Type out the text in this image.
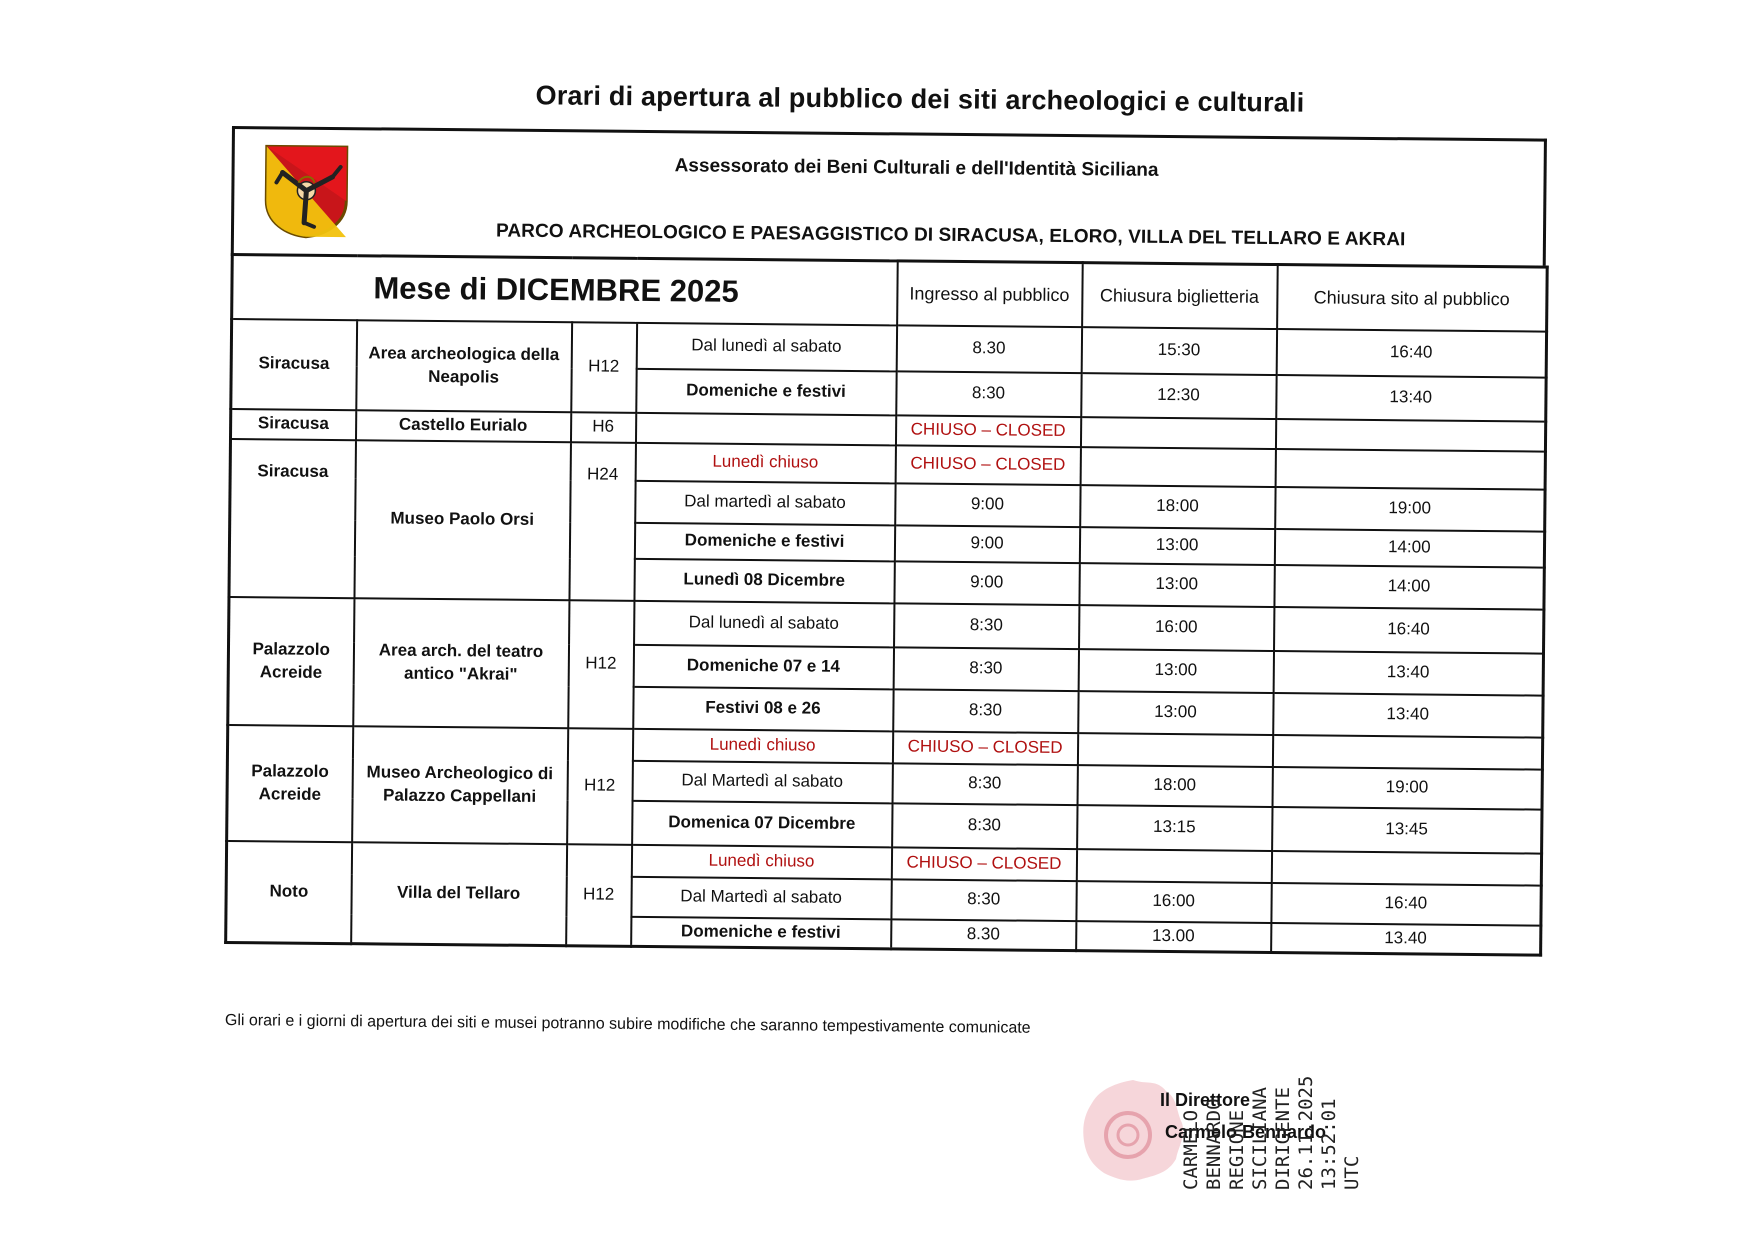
Orari di apertura al pubblico dei siti archeologici e culturali
Assessorato dei Beni Culturali e dell'Identità Siciliana
PARCO ARCHEOLOGICO E PAESAGGISTICO DI SIRACUSA, ELORO, VILLA DEL TELLARO E AKRAI
Mese di DICEMBRE 2025				Ingresso al pubblico	Chiusura biglietteria	Chiusura sito al pubblico
Siracusa	Area archeologica della Neapolis	H12	Dal lunedì al sabato	8.30	15:30	16:40
			Domeniche e festivi	8:30	12:30	13:40
Siracusa	Castello Eurialo	H6		CHIUSO – CLOSED		
Siracusa	Museo Paolo Orsi	H24	Lunedì chiuso	CHIUSO – CLOSED		
			Dal martedì al sabato	9:00	18:00	19:00
			Domeniche e festivi	9:00	13:00	14:00
			Lunedì 08 Dicembre	9:00	13:00	14:00
Palazzolo Acreide	Area arch. del teatro antico "Akrai"	H12	Dal lunedì al sabato	8:30	16:00	16:40
			Domeniche 07 e 14	8:30	13:00	13:40
			Festivi 08 e 26	8:30	13:00	13:40
Palazzolo Acreide	Museo Archeologico di Palazzo Cappellani	H12	Lunedì chiuso	CHIUSO – CLOSED		
			Dal Martedì al sabato	8:30	18:00	19:00
			Domenica 07 Dicembre	8:30	13:15	13:45
Noto	Villa del Tellaro	H12	Lunedì chiuso	CHIUSO – CLOSED		
			Dal Martedì al sabato	8:30	16:00	16:40
			Domeniche e festivi	8.30	13.00	13.40
Gli orari e i giorni di apertura dei siti e musei potranno subire modifiche che saranno tempestivamente comunicate
Il Direttore
Carmelo Bennardo
CARMELO BENNARDO REGIONE SICILIANA DIRIGENTE 26.11.2025 13:52:01 UTC
